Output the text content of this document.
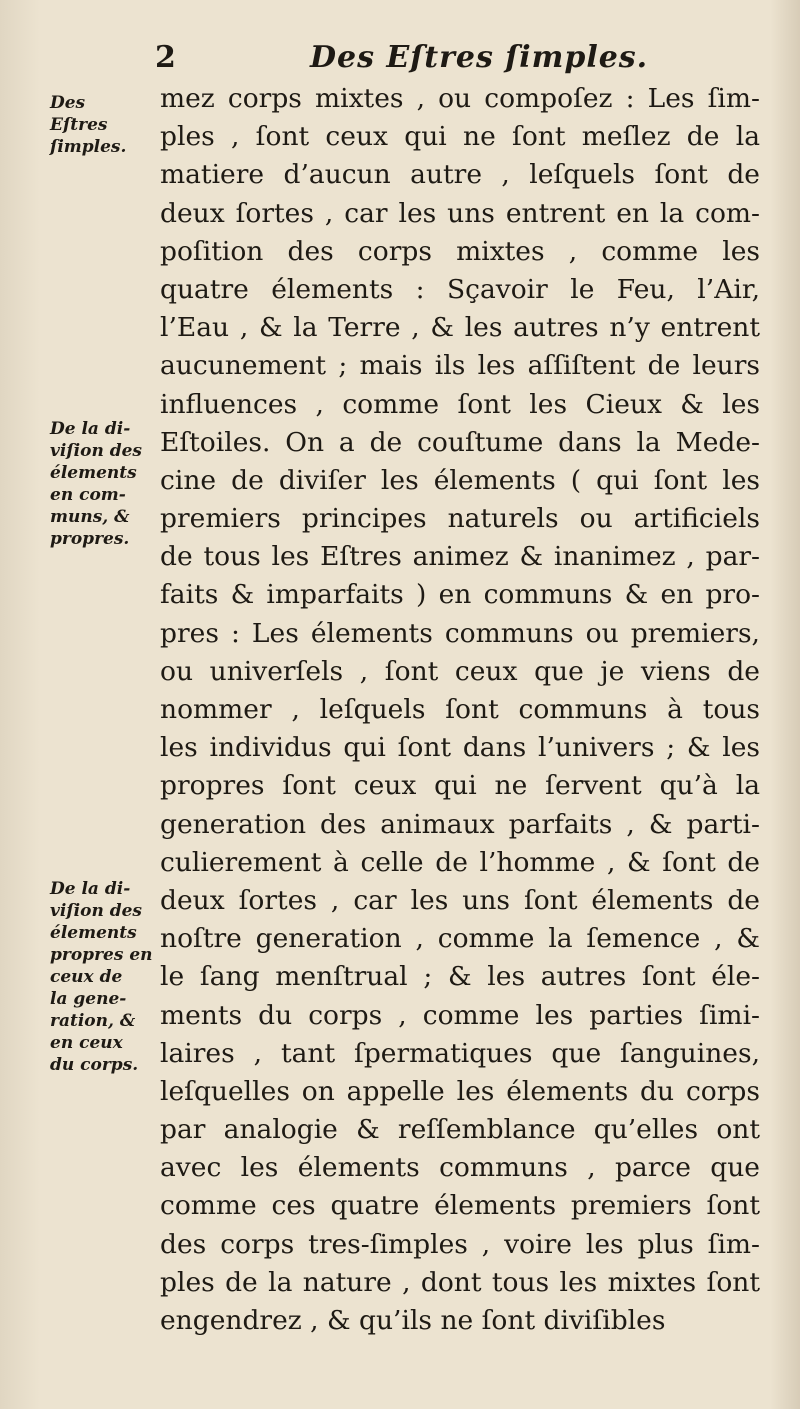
2	Des Eſtres ſimples.
Des
Eſtres
ſimples.
De la di-
viſion des
élements
en com-
muns, &
propres.
De la di-
viſion des
élements
propres en
ceux de
la gene-
ration, &
en ceux
du corps.
mez corps mixtes , ou compoſez : Les ſim-
ples , ſont ceux qui ne ſont meſlez de la
matiere d’aucun autre , leſquels ſont de
deux ſortes , car les uns entrent en la com-
poſition des corps mixtes , comme les
quatre élements : Sçavoir le Feu, l’Air,
l’Eau , & la Terre , & les autres n’y entrent
aucunement ; mais ils les aſſiſtent de leurs
influences , comme ſont les Cieux & les
Eſtoiles. On a de couſtume dans la Mede-
cine de diviſer les élements ( qui ſont les
premiers principes naturels ou artificiels
de tous les Eſtres animez & inanimez , par-
faits & imparfaits ) en communs & en pro-
pres : Les élements communs ou premiers,
ou univerſels , ſont ceux que je viens de
nommer , leſquels ſont communs à tous
les individus qui ſont dans l’univers ; & les
propres ſont ceux qui ne ſervent qu’à la
generation des animaux parfaits , & parti-
culierement à celle de l’homme , & ſont de
deux ſortes , car les uns ſont élements de
noſtre generation , comme la ſemence , &
le ſang menſtrual ; & les autres ſont éle-
ments du corps , comme les parties ſimi-
laires , tant ſpermatiques que ſanguines,
leſquelles on appelle les élements du corps
par analogie & reſſemblance qu’elles ont
avec les élements communs , parce que
comme ces quatre élements premiers ſont
des corps tres-ſimples , voire les plus ſim-
ples de la nature , dont tous les mixtes ſont
engendrez , & qu’ils ne ſont diviſibles
